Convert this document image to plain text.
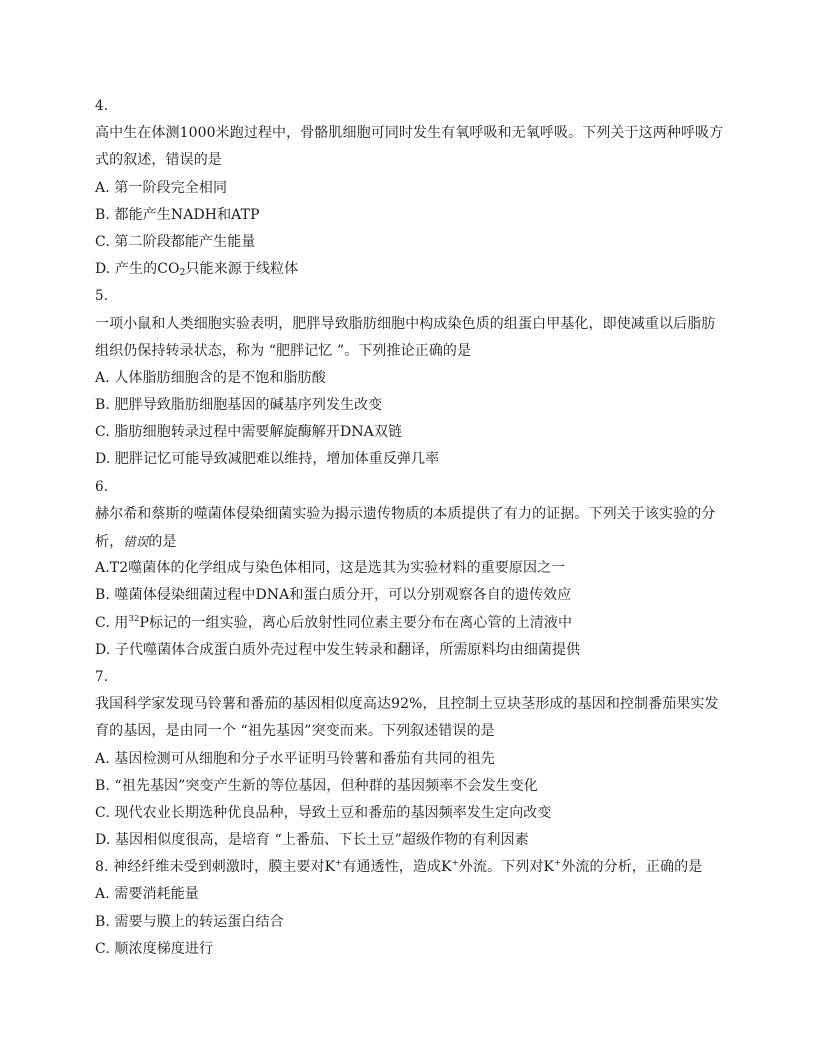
4.
高中生在体测1000米跑过程中，骨骼肌细胞可同时发生有氧呼吸和无氧呼吸。下列关于这两种呼吸方
式的叙述，错误的是
A. 第一阶段完全相同
B. 都能产生NADH和ATP
C. 第二阶段都能产生能量
D. 产生的$CO_2$只能来源于线粒体
5.
一项小鼠和人类细胞实验表明，肥胖导致脂肪细胞中构成染色质的组蛋白甲基化，即使减重以后脂肪
组织仍保持转录状态，称为 “肥胖记忆 ”。下列推论正确的是
A. 人体脂肪细胞含的是不饱和脂肪酸
B. 肥胖导致脂肪细胞基因的碱基序列发生改变
C. 脂肪细胞转录过程中需要解旋酶解开DNA双链
D. 肥胖记忆可能导致减肥难以维持，增加体重反弹几率
6.
赫尔希和蔡斯的噬菌体侵染细菌实验为揭示遗传物质的本质提供了有力的证据。下列关于该实验的分
析，错误的是
A.T2噬菌体的化学组成与染色体相同，这是选其为实验材料的重要原因之一
B. 噬菌体侵染细菌过程中DNA和蛋白质分开，可以分别观察各自的遗传效应
C. 用$^{32}$P标记的一组实验，离心后放射性同位素主要分布在离心管的上清液中
D. 子代噬菌体合成蛋白质外壳过程中发生转录和翻译，所需原料均由细菌提供
7.
我国科学家发现马铃薯和番茄的基因相似度高达92%，且控制土豆块茎形成的基因和控制番茄果实发
育的基因，是由同一个 “祖先基因”突变而来。下列叙述错误的是
A. 基因检测可从细胞和分子水平证明马铃薯和番茄有共同的祖先
B. “祖先基因”突变产生新的等位基因，但种群的基因频率不会发生变化
C. 现代农业长期选种优良品种，导致土豆和番茄的基因频率发生定向改变
D. 基因相似度很高，是培育 “上番茄、下长土豆”超级作物的有利因素
8. 神经纤维未受到刺激时，膜主要对K+有通透性，造成K+外流。下列对K+外流的分析，正确的是
A. 需要消耗能量
B. 需要与膜上的转运蛋白结合
C. 顺浓度梯度进行
